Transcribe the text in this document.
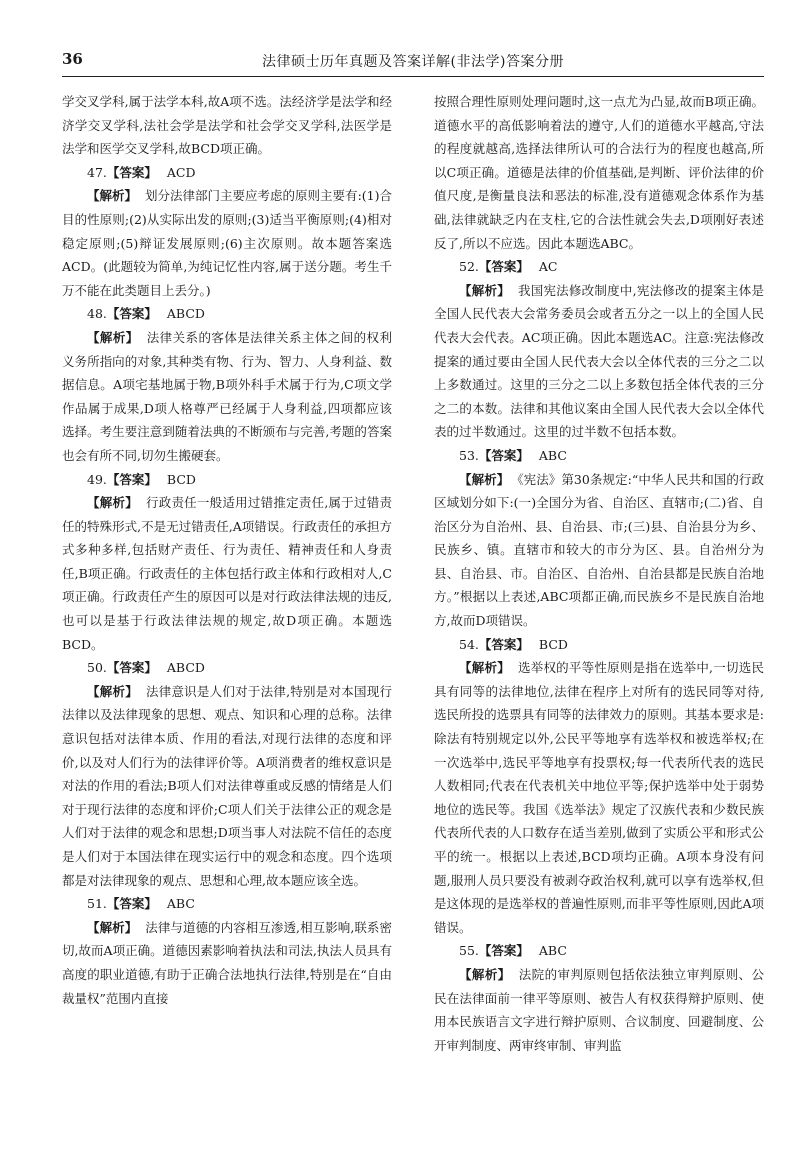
36	法律硕士历年真题及答案详解(非法学)答案分册

学交叉学科,属于法学本科,故A项不选。法经济学是法学和经济学交叉学科,法社会学是法学和社会学交叉学科,法医学是法学和医学交叉学科,故BCD项正确。

47.【答案】 ACD

【解析】 划分法律部门主要应考虑的原则主要有:(1)合目的性原则;(2)从实际出发的原则;(3)适当平衡原则;(4)相对稳定原则;(5)辩证发展原则;(6)主次原则。故本题答案选ACD。(此题较为简单,为纯记忆性内容,属于送分题。考生千万不能在此类题目上丢分。)

48.【答案】 ABCD

【解析】 法律关系的客体是法律关系主体之间的权利义务所指向的对象,其种类有物、行为、智力、人身利益、数据信息。A项宅基地属于物,B项外科手术属于行为,C项文学作品属于成果,D项人格尊严已经属于人身利益,四项都应该选择。考生要注意到随着法典的不断颁布与完善,考题的答案也会有所不同,切勿生搬硬套。

49.【答案】 BCD

【解析】 行政责任一般适用过错推定责任,属于过错责任的特殊形式,不是无过错责任,A项错误。行政责任的承担方式多种多样,包括财产责任、行为责任、精神责任和人身责任,B项正确。行政责任的主体包括行政主体和行政相对人,C项正确。行政责任产生的原因可以是对行政法律法规的违反,也可以是基于行政法律法规的规定,故D项正确。本题选BCD。

50.【答案】 ABCD

【解析】 法律意识是人们对于法律,特别是对本国现行法律以及法律现象的思想、观点、知识和心理的总称。法律意识包括对法律本质、作用的看法,对现行法律的态度和评价,以及对人们行为的法律评价等。A项消费者的维权意识是对法的作用的看法;B项人们对法律尊重或反感的情绪是人们对于现行法律的态度和评价;C项人们关于法律公正的观念是人们对于法律的观念和思想;D项当事人对法院不信任的态度是人们对于本国法律在现实运行中的观念和态度。四个选项都是对法律现象的观点、思想和心理,故本题应该全选。

51.【答案】 ABC

【解析】 法律与道德的内容相互渗透,相互影响,联系密切,故而A项正确。道德因素影响着执法和司法,执法人员具有高度的职业道德,有助于正确合法地执行法律,特别是在“自由裁量权”范围内直接

按照合理性原则处理问题时,这一点尤为凸显,故而B项正确。道德水平的高低影响着法的遵守,人们的道德水平越高,守法的程度就越高,选择法律所认可的合法行为的程度也越高,所以C项正确。道德是法律的价值基础,是判断、评价法律的价值尺度,是衡量良法和恶法的标准,没有道德观念体系作为基础,法律就缺乏内在支柱,它的合法性就会失去,D项刚好表述反了,所以不应选。因此本题选ABC。

52.【答案】 AC

【解析】 我国宪法修改制度中,宪法修改的提案主体是全国人民代表大会常务委员会或者五分之一以上的全国人民代表大会代表。AC项正确。因此本题选AC。注意:宪法修改提案的通过要由全国人民代表大会以全体代表的三分之二以上多数通过。这里的三分之二以上多数包括全体代表的三分之二的本数。法律和其他议案由全国人民代表大会以全体代表的过半数通过。这里的过半数不包括本数。

53.【答案】 ABC

【解析】 《宪法》第30条规定:“中华人民共和国的行政区域划分如下:(一)全国分为省、自治区、直辖市;(二)省、自治区分为自治州、县、自治县、市;(三)县、自治县分为乡、民族乡、镇。直辖市和较大的市分为区、县。自治州分为县、自治县、市。自治区、自治州、自治县都是民族自治地方。”根据以上表述,ABC项都正确,而民族乡不是民族自治地方,故而D项错误。

54.【答案】 BCD

【解析】 选举权的平等性原则是指在选举中,一切选民具有同等的法律地位,法律在程序上对所有的选民同等对待,选民所投的选票具有同等的法律效力的原则。其基本要求是:除法有特别规定以外,公民平等地享有选举权和被选举权;在一次选举中,选民平等地享有投票权;每一代表所代表的选民人数相同;代表在代表机关中地位平等;保护选举中处于弱势地位的选民等。我国《选举法》规定了汉族代表和少数民族代表所代表的人口数存在适当差别,做到了实质公平和形式公平的统一。根据以上表述,BCD项均正确。A项本身没有问题,服刑人员只要没有被剥夺政治权利,就可以享有选举权,但是这体现的是选举权的普遍性原则,而非平等性原则,因此A项错误。

55.【答案】 ABC

【解析】 法院的审判原则包括依法独立审判原则、公民在法律面前一律平等原则、被告人有权获得辩护原则、使用本民族语言文字进行辩护原则、合议制度、回避制度、公开审判制度、两审终审制、审判监
